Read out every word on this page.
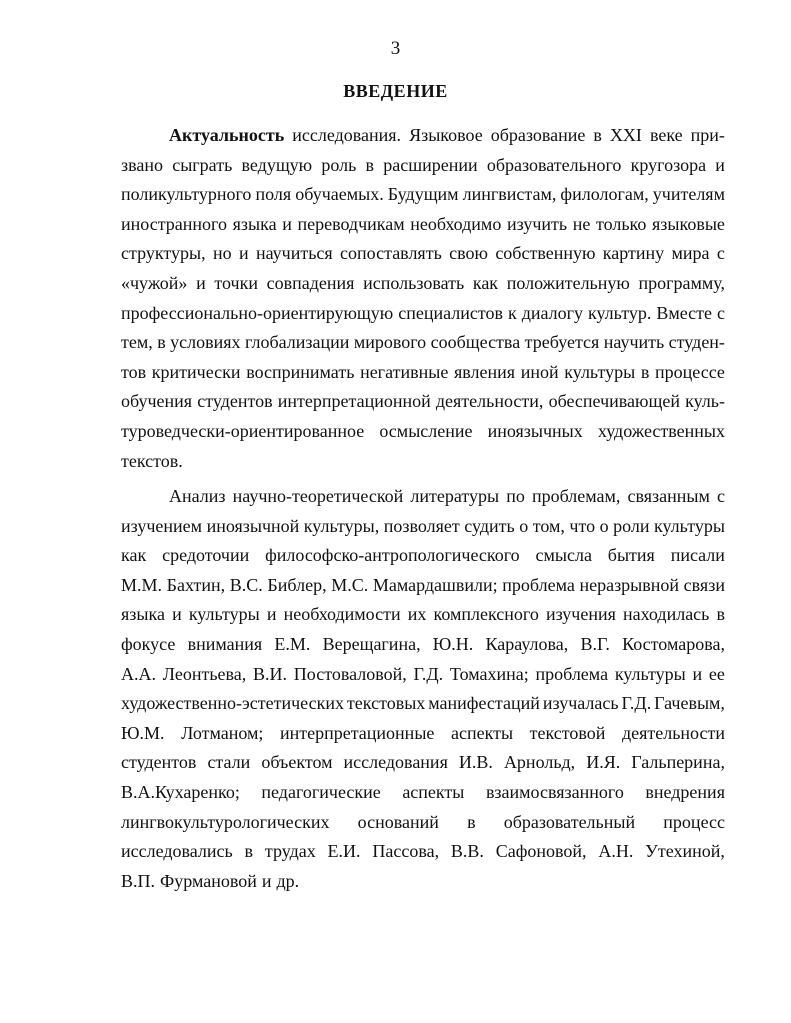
3
ВВЕДЕНИЕ
Актуальность исследования. Языковое образование в XXI веке при-
звано сыграть ведущую роль в расширении образовательного кругозора и
поликультурного поля обучаемых. Будущим лингвистам, филологам, учителям
иностранного языка и переводчикам необходимо изучить не только языковые
структуры, но и научиться сопоставлять свою собственную картину мира с
«чужой» и точки совпадения использовать как положительную программу,
профессионально-ориентирующую специалистов к диалогу культур. Вместе с
тем, в условиях глобализации мирового сообщества требуется научить студен-
тов критически воспринимать негативные явления иной культуры в процессе
обучения студентов интерпретационной деятельности, обеспечивающей куль-
туроведчески-ориентированное осмысление иноязычных художественных
текстов.
Анализ научно-теоретической литературы по проблемам, связанным с
изучением иноязычной культуры, позволяет судить о том, что о роли культуры
как средоточии философско-антропологического смысла бытия писали
М.М. Бахтин, В.С. Библер, М.С. Мамардашвили; проблема неразрывной связи
языка и культуры и необходимости их комплексного изучения находилась в
фокусе внимания Е.М. Верещагина, Ю.Н. Караулова, В.Г. Костомарова,
А.А. Леонтьева, В.И. Постоваловой, Г.Д. Томахина; проблема культуры и ее
художественно-эстетических текстовых манифестаций изучалась Г.Д. Гачевым,
Ю.М. Лотманом; интерпретационные аспекты текстовой деятельности
студентов стали объектом исследования И.В. Арнольд, И.Я. Гальперина,
В.А.Кухаренко; педагогические аспекты взаимосвязанного внедрения
лингвокультурологических оснований в образовательный процесс
исследовались в трудах Е.И. Пассова, В.В. Сафоновой, А.Н. Утехиной,
В.П. Фурмановой и др.
